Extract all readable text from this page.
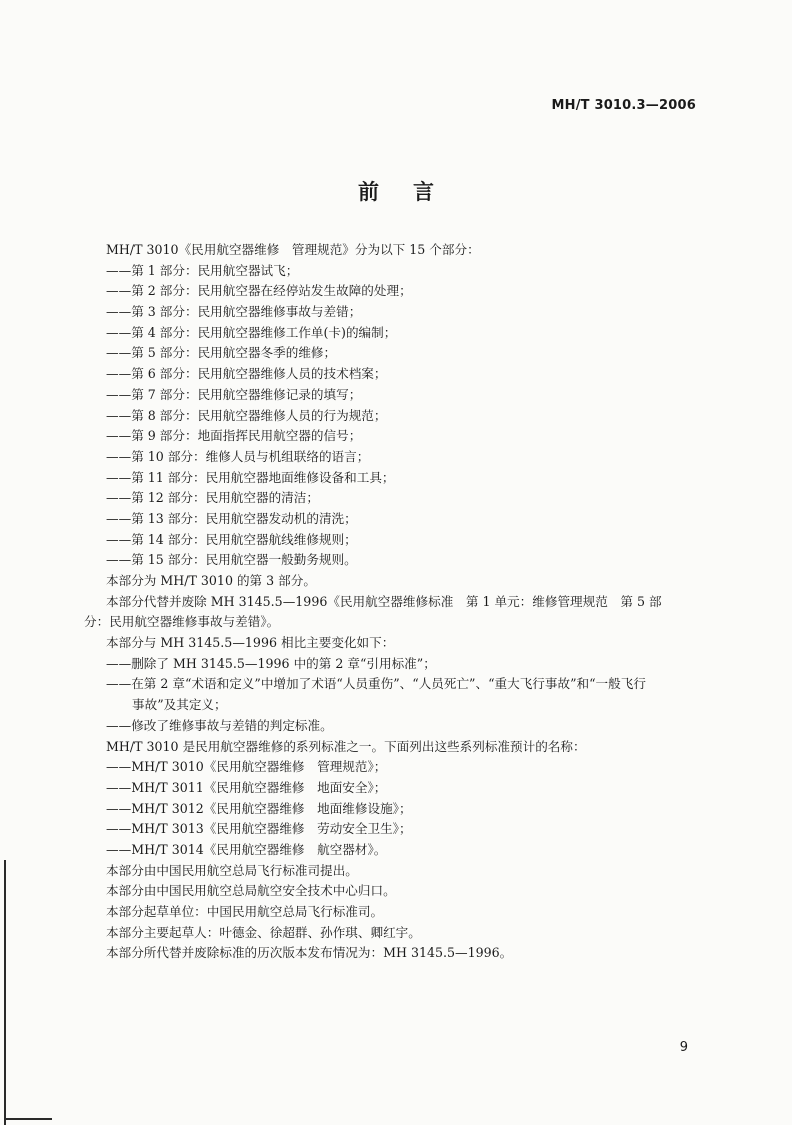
MH/T 3010.3—2006
前言
MH/T 3010《民用航空器维修　管理规范》分为以下 15 个部分：
——第 1 部分：民用航空器试飞；
——第 2 部分：民用航空器在经停站发生故障的处理；
——第 3 部分：民用航空器维修事故与差错；
——第 4 部分：民用航空器维修工作单(卡)的编制；
——第 5 部分：民用航空器冬季的维修；
——第 6 部分：民用航空器维修人员的技术档案；
——第 7 部分：民用航空器维修记录的填写；
——第 8 部分：民用航空器维修人员的行为规范；
——第 9 部分：地面指挥民用航空器的信号；
——第 10 部分：维修人员与机组联络的语言；
——第 11 部分：民用航空器地面维修设备和工具；
——第 12 部分：民用航空器的清洁；
——第 13 部分：民用航空器发动机的清洗；
——第 14 部分：民用航空器航线维修规则；
——第 15 部分：民用航空器一般勤务规则。
本部分为 MH/T 3010 的第 3 部分。
本部分代替并废除 MH 3145.5—1996《民用航空器维修标准　第 1 单元：维修管理规范　第 5 部
分：民用航空器维修事故与差错》。
本部分与 MH 3145.5—1996 相比主要变化如下：
——删除了 MH 3145.5—1996 中的第 2 章“引用标准”；
——在第 2 章“术语和定义”中增加了术语“人员重伤”、“人员死亡”、“重大飞行事故”和“一般飞行
事故”及其定义；
——修改了维修事故与差错的判定标准。
MH/T 3010 是民用航空器维修的系列标准之一。下面列出这些系列标准预计的名称：
——MH/T 3010《民用航空器维修　管理规范》；
——MH/T 3011《民用航空器维修　地面安全》；
——MH/T 3012《民用航空器维修　地面维修设施》；
——MH/T 3013《民用航空器维修　劳动安全卫生》；
——MH/T 3014《民用航空器维修　航空器材》。
本部分由中国民用航空总局飞行标准司提出。
本部分由中国民用航空总局航空安全技术中心归口。
本部分起草单位：中国民用航空总局飞行标准司。
本部分主要起草人：叶德金、徐超群、孙作琪、卿红宇。
本部分所代替并废除标准的历次版本发布情况为：MH 3145.5—1996。
9
